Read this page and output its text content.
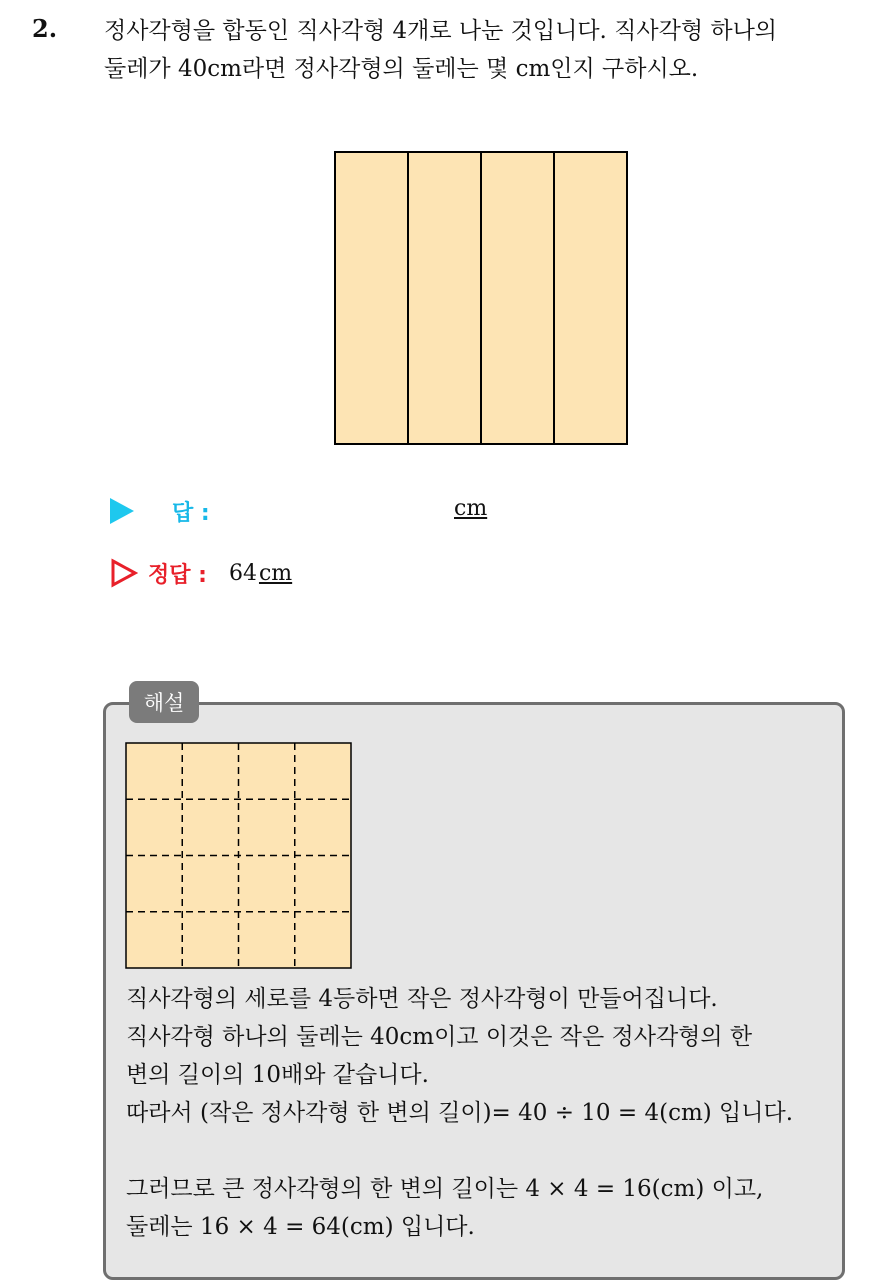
2. 정사각형을 합동인 직사각형 4개로 나눈 것입니다. 직사각형 하나의
둘레가 40cm라면 정사각형의 둘레는 몇 cm인지 구하시오.
답 :	cm
정답 : 64cm
해설
직사각형의 세로를 4등하면 작은 정사각형이 만들어집니다.
직사각형 하나의 둘레는 40cm이고 이것은 작은 정사각형의 한
변의 길이의 10배와 같습니다.
따라서 (작은 정사각형 한 변의 길이)= 40 ÷ 10 = 4(cm) 입니다.
그러므로 큰 정사각형의 한 변의 길이는 4 × 4 = 16(cm) 이고,
둘레는 16 × 4 = 64(cm) 입니다.
